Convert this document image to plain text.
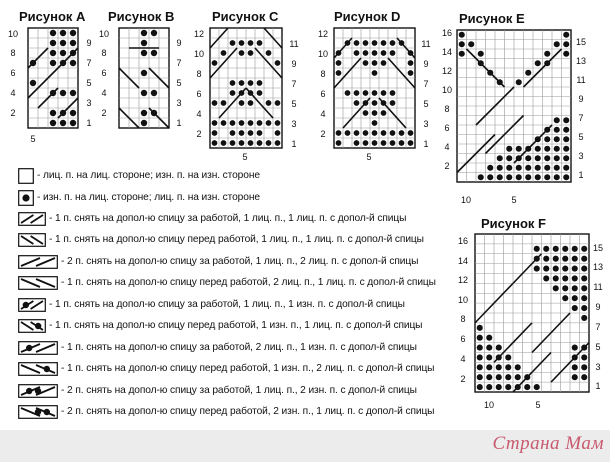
Рисунок A
10
8
6
4
2
9
7
5
3
1
5
Рисунок B
10
8
6
4
2
9
7
5
3
1
Рисунок C
12
10
8
6
4
2
11
9
7
5
3
1
5
Рисунок D
12
10
8
6
4
2
11
9
7
5
3
1
5
Рисунок E
16
14
12
10
8
6
4
2
15
13
11
9
7
5
3
1
10	5
Рисунок F
16
14
12
10
8
6
4
2
15
13
11
9
7
5
3
1
10	5
- лиц. п. на лиц. стороне; изн. п. на изн. стороне
- изн. п. на лиц. стороне; лиц. п. на изн. стороне
- 1 п. снять на допол-ю спицу за работой, 1 лиц. п., 1 лиц. п. с допол-й спицы
- 1 п. снять на допол-ю спицу перед работой, 1 лиц. п., 1 лиц. п. с допол-й спицы
- 2 п. снять на допол-ю спицу за работой, 1 лиц. п., 2 лиц. п. с допол-й спицы
- 1 п. снять на допол-ю спицу перед работой, 2 лиц. п., 1 лиц. п. с допол-й спицы
- 1 п. снять на допол-ю спицу за работой, 1 лиц. п., 1 изн. п. с допол-й спицы
- 1 п. снять на допол-ю спицу перед работой, 1 изн. п., 1 лиц. п. с допол-й спицы
- 1 п. снять на допол-ю спицу за работой, 2 лиц. п., 1 изн. п. с допол-й спицы
- 1 п. снять на допол-ю спицу перед работой, 1 изн. п., 2 лиц. п. с допол-й спицы
- 2 п. снять на допол-ю спицу за работой, 1 лиц. п., 2 изн. п. с допол-й спицы
- 2 п. снять на допол-ю спицу перед работой, 2 изн. п., 1 лиц. п. с допол-й спицы
Страна Мам
